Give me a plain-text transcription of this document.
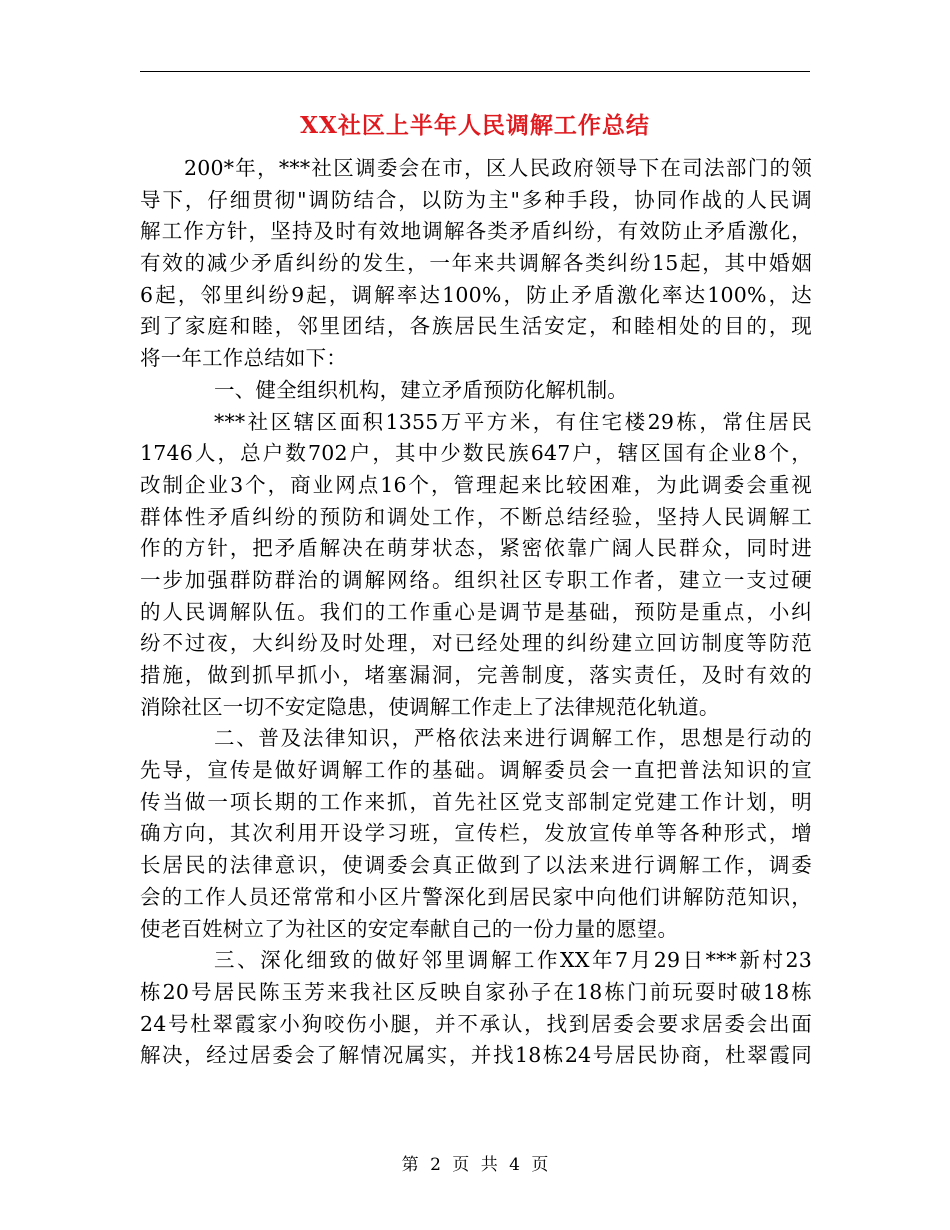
XX社区上半年人民调解工作总结
200*年，***社区调委会在市，区人民政府领导下在司法部门的领
导下，仔细贯彻"调防结合，以防为主"多种手段，协同作战的人民调
解工作方针，坚持及时有效地调解各类矛盾纠纷，有效防止矛盾激化，
有效的减少矛盾纠纷的发生，一年来共调解各类纠纷15起，其中婚姻
6起，邻里纠纷9起，调解率达100%，防止矛盾激化率达100%，达
到了家庭和睦，邻里团结，各族居民生活安定，和睦相处的目的，现
将一年工作总结如下：
一、健全组织机构，建立矛盾预防化解机制。
***社区辖区面积1355万平方米，有住宅楼29栋，常住居民
1746人，总户数702户，其中少数民族647户，辖区国有企业8个，
改制企业3个，商业网点16个，管理起来比较困难，为此调委会重视
群体性矛盾纠纷的预防和调处工作，不断总结经验，坚持人民调解工
作的方针，把矛盾解决在萌芽状态，紧密依靠广阔人民群众，同时进
一步加强群防群治的调解网络。组织社区专职工作者，建立一支过硬
的人民调解队伍。我们的工作重心是调节是基础，预防是重点，小纠
纷不过夜，大纠纷及时处理，对已经处理的纠纷建立回访制度等防范
措施，做到抓早抓小，堵塞漏洞，完善制度，落实责任，及时有效的
消除社区一切不安定隐患，使调解工作走上了法律规范化轨道。
二、普及法律知识，严格依法来进行调解工作，思想是行动的
先导，宣传是做好调解工作的基础。调解委员会一直把普法知识的宣
传当做一项长期的工作来抓，首先社区党支部制定党建工作计划，明
确方向，其次利用开设学习班，宣传栏，发放宣传单等各种形式，增
长居民的法律意识，使调委会真正做到了以法来进行调解工作，调委
会的工作人员还常常和小区片警深化到居民家中向他们讲解防范知识，
使老百姓树立了为社区的安定奉献自己的一份力量的愿望。
三、深化细致的做好邻里调解工作XX年7月29日***新村23
栋20号居民陈玉芳来我社区反映自家孙子在18栋门前玩耍时破18栋
24号杜翠霞家小狗咬伤小腿，并不承认，找到居委会要求居委会出面
解决，经过居委会了解情况属实，并找18栋24号居民协商，杜翠霞同
第 2 页 共 4 页
